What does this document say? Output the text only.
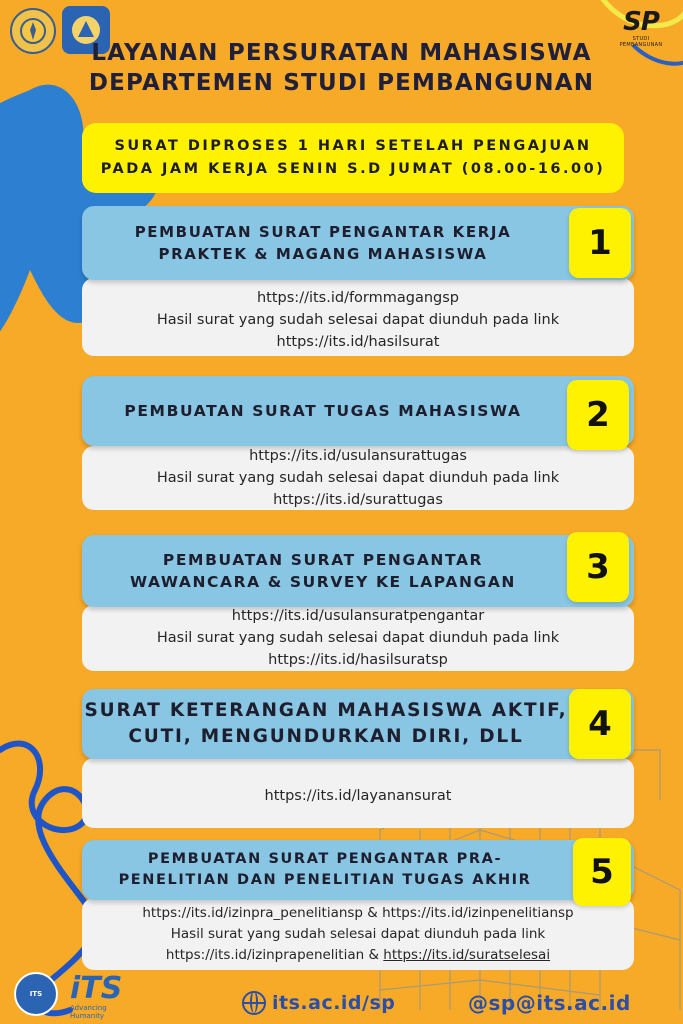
SP
STUDI PEMBANGUNAN
LAYANAN PERSURATAN MAHASISWA
DEPARTEMEN STUDI PEMBANGUNAN
SURAT DIPROSES 1 HARI SETELAH PENGAJUAN
PADA JAM KERJA SENIN S.D JUMAT (08.00-16.00)
https://its.id/formmagangsp
Hasil surat yang sudah selesai dapat diunduh pada link
https://its.id/hasilsurat
PEMBUATAN SURAT PENGANTAR KERJA
PRAKTEK & MAGANG MAHASISWA	1
https://its.id/usulansurattugas
Hasil surat yang sudah selesai dapat diunduh pada link
https://its.id/surattugas
PEMBUATAN SURAT TUGAS MAHASISWA	2
https://its.id/usulansuratpengantar
Hasil surat yang sudah selesai dapat diunduh pada link
https://its.id/hasilsuratsp
PEMBUATAN SURAT PENGANTAR
WAWANCARA & SURVEY KE LAPANGAN	3
https://its.id/layanansurat
SURAT KETERANGAN MAHASISWA AKTIF,
CUTI, MENGUNDURKAN DIRI, DLL	4
https://its.id/izinpra_penelitiansp & https://its.id/izinpenelitiansp
Hasil surat yang sudah selesai dapat diunduh pada link
https://its.id/izinprapenelitian & https://its.id/suratselesai
PEMBUATAN SURAT PENGANTAR PRA-
PENELITIAN DAN PENELITIAN TUGAS AKHIR	5
ITS iTS
Advancing Humanity
its.ac.id/sp	@sp@its.ac.id
